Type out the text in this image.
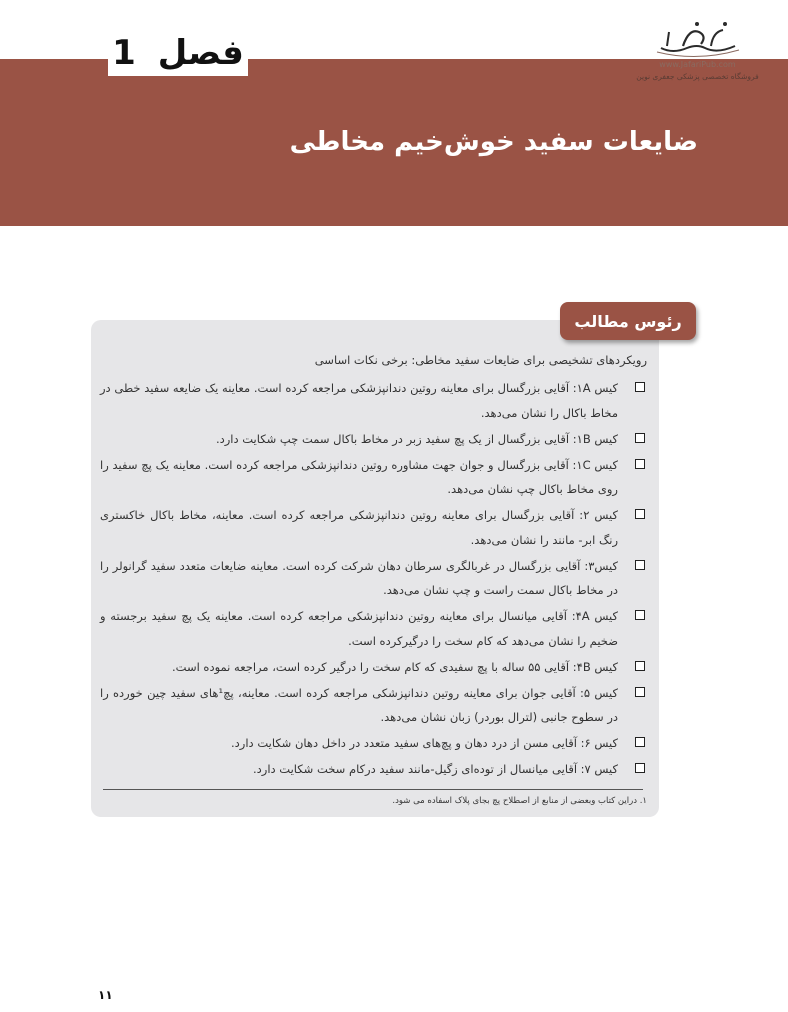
فصل
1
ضایعات سفید خوش‌خیم مخاطی
www.JafariPub.com
فروشگاه تخصصی پزشکی جعفری نوین
رئوس مطالب
رویکردهای تشخیصی برای ضایعات سفید مخاطی: برخی نکات اساسی
کیس ۱A: آقایی بزرگسال برای معاینه روتین دندانپزشکی مراجعه کرده است. معاینه یک ضایعه سفید خطی در مخاط باکال را نشان می‌دهد.
کیس ۱B: آقایی بزرگسال از یک پچ سفید زبر در مخاط باکال سمت چپ شکایت دارد.
کیس ۱C: آقایی بزرگسال و جوان جهت مشاوره روتین دندانپزشکی مراجعه کرده است. معاینه یک پچ سفید را روی مخاط باکال چپ نشان می‌دهد.
کیس ۲: آقایی بزرگسال برای معاینه روتین دندانپزشکی مراجعه کرده است. معاینه، مخاط باکال خاکستری رنگ ابر- مانند را نشان می‌دهد.
کیس۳: آقایی بزرگسال در غربالگری سرطان دهان شرکت کرده است. معاینه ضایعات متعدد سفید گرانولر را در مخاط باکال سمت راست و چپ نشان می‌دهد.
کیس ۴A: آقایی میانسال برای معاینه روتین دندانپزشکی مراجعه کرده است. معاینه یک پچ سفید برجسته و ضخیم را نشان می‌دهد که کام سخت را درگیرکرده است.
کیس ۴B: آقایی ۵۵ ساله با پچ سفیدی که کام سخت را درگیر کرده است، مراجعه نموده است.
کیس ۵: آقایی جوان برای معاینه روتین دندانپزشکی مراجعه کرده است. معاینه، پچ¹های سفید چین خورده را در سطوح جانبی (لترال بوردر) زبان نشان می‌دهد.
کیس ۶: آقایی مسن از درد دهان و پچ‌های سفید متعدد در داخل دهان شکایت دارد.
کیس ۷: آقایی میانسال از توده‌ای زگیل-مانند سفید درکام سخت شکایت دارد.
۱. دراین کتاب وبعضی از منابع از اصطلاح پچ بجای پلاک اسفاده می شود.
۱۱
